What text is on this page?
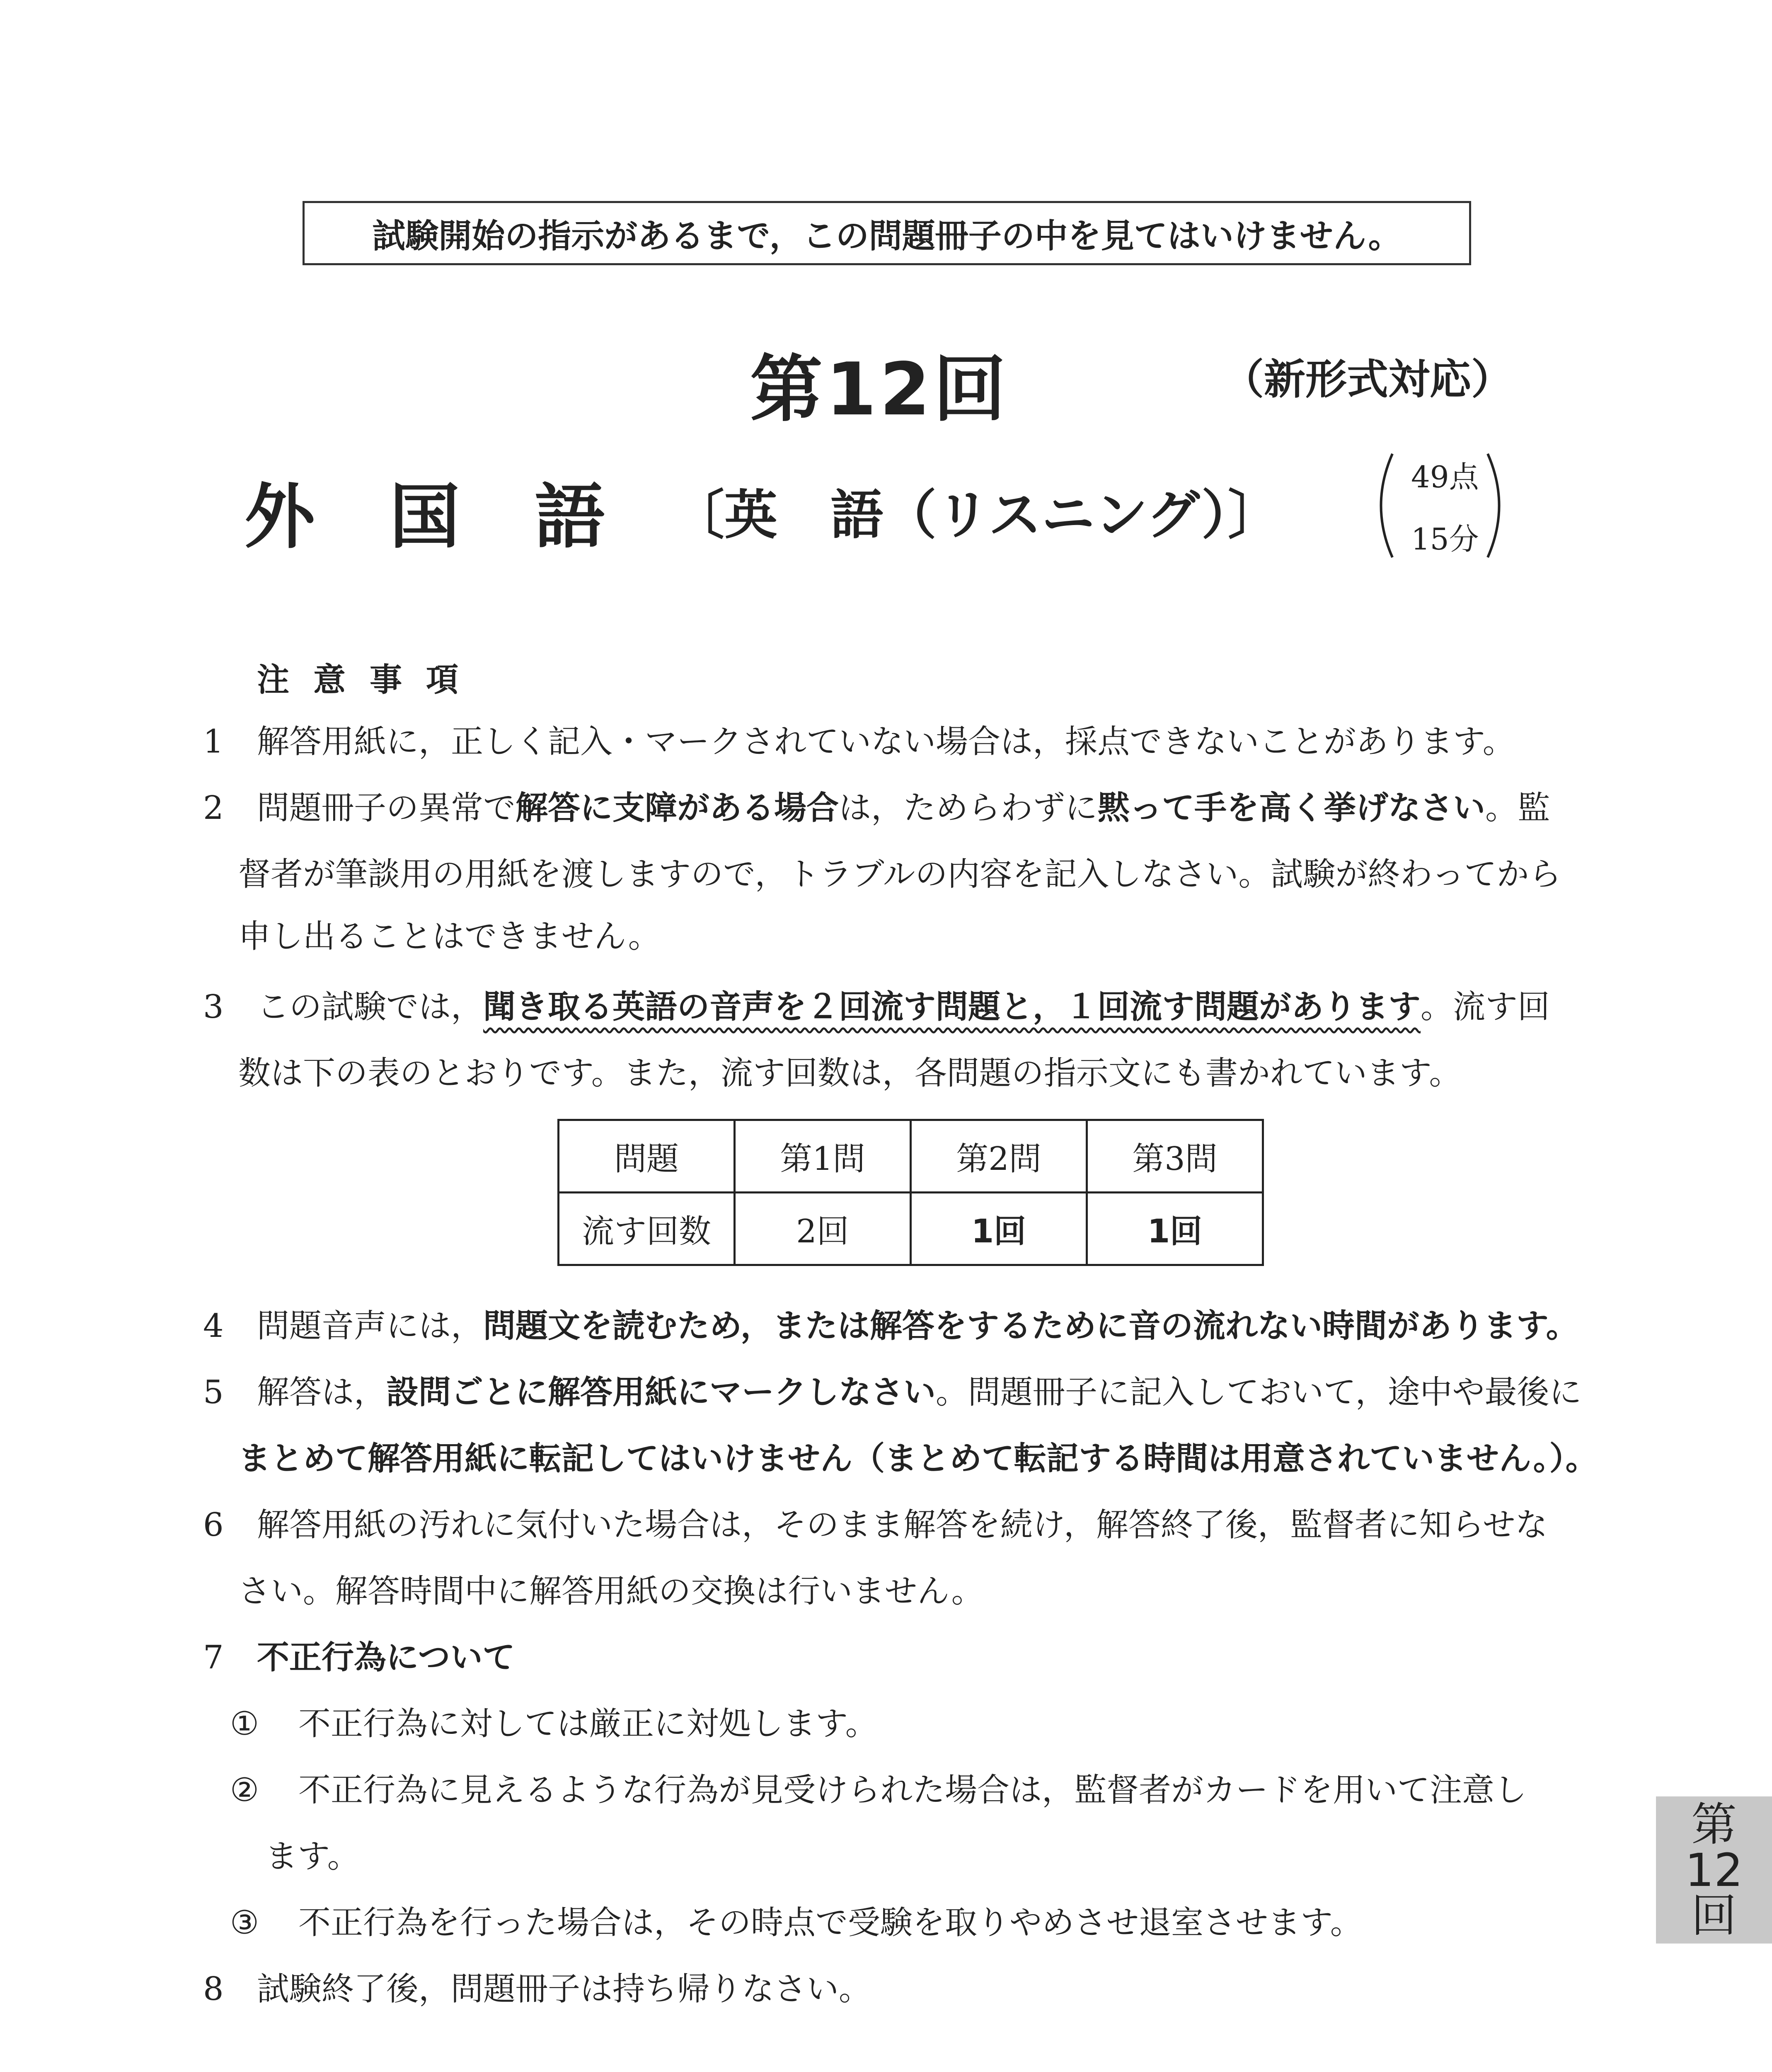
試験開始の指示があるまで，この問題冊子の中を見てはいけません。
第12回	（新形式対応）
外国語
〔英　語（リスニング）〕
49点
15分
注意事項
1 解答用紙に，正しく記入・マークされていない場合は，採点できないことがあります。
2 問題冊子の異常で解答に支障がある場合は，ためらわずに黙って手を高く挙げなさい。監
督者が筆談用の用紙を渡しますので，トラブルの内容を記入しなさい。試験が終わってから
申し出ることはできません。
3 この試験では，聞き取る英語の音声を２回流す問題と，１回流す問題があります。流す回
数は下の表のとおりです。また，流す回数は，各問題の指示文にも書かれています。
問題	第1問	第2問	第3問
流す回数	2回	1回	1回
4 問題音声には，問題文を読むため，または解答をするために音の流れない時間があります。
5 解答は，設問ごとに解答用紙にマークしなさい。問題冊子に記入しておいて，途中や最後に
まとめて解答用紙に転記してはいけません（まとめて転記する時間は用意されていません。）。
6 解答用紙の汚れに気付いた場合は，そのまま解答を続け，解答終了後，監督者に知らせな
さい。解答時間中に解答用紙の交換は行いません。
7 不正行為について
① 不正行為に対しては厳正に対処します。
② 不正行為に見えるような行為が見受けられた場合は，監督者がカードを用いて注意し
ます。
③ 不正行為を行った場合は，その時点で受験を取りやめさせ退室させます。
8 試験終了後，問題冊子は持ち帰りなさい。
第
12
回
